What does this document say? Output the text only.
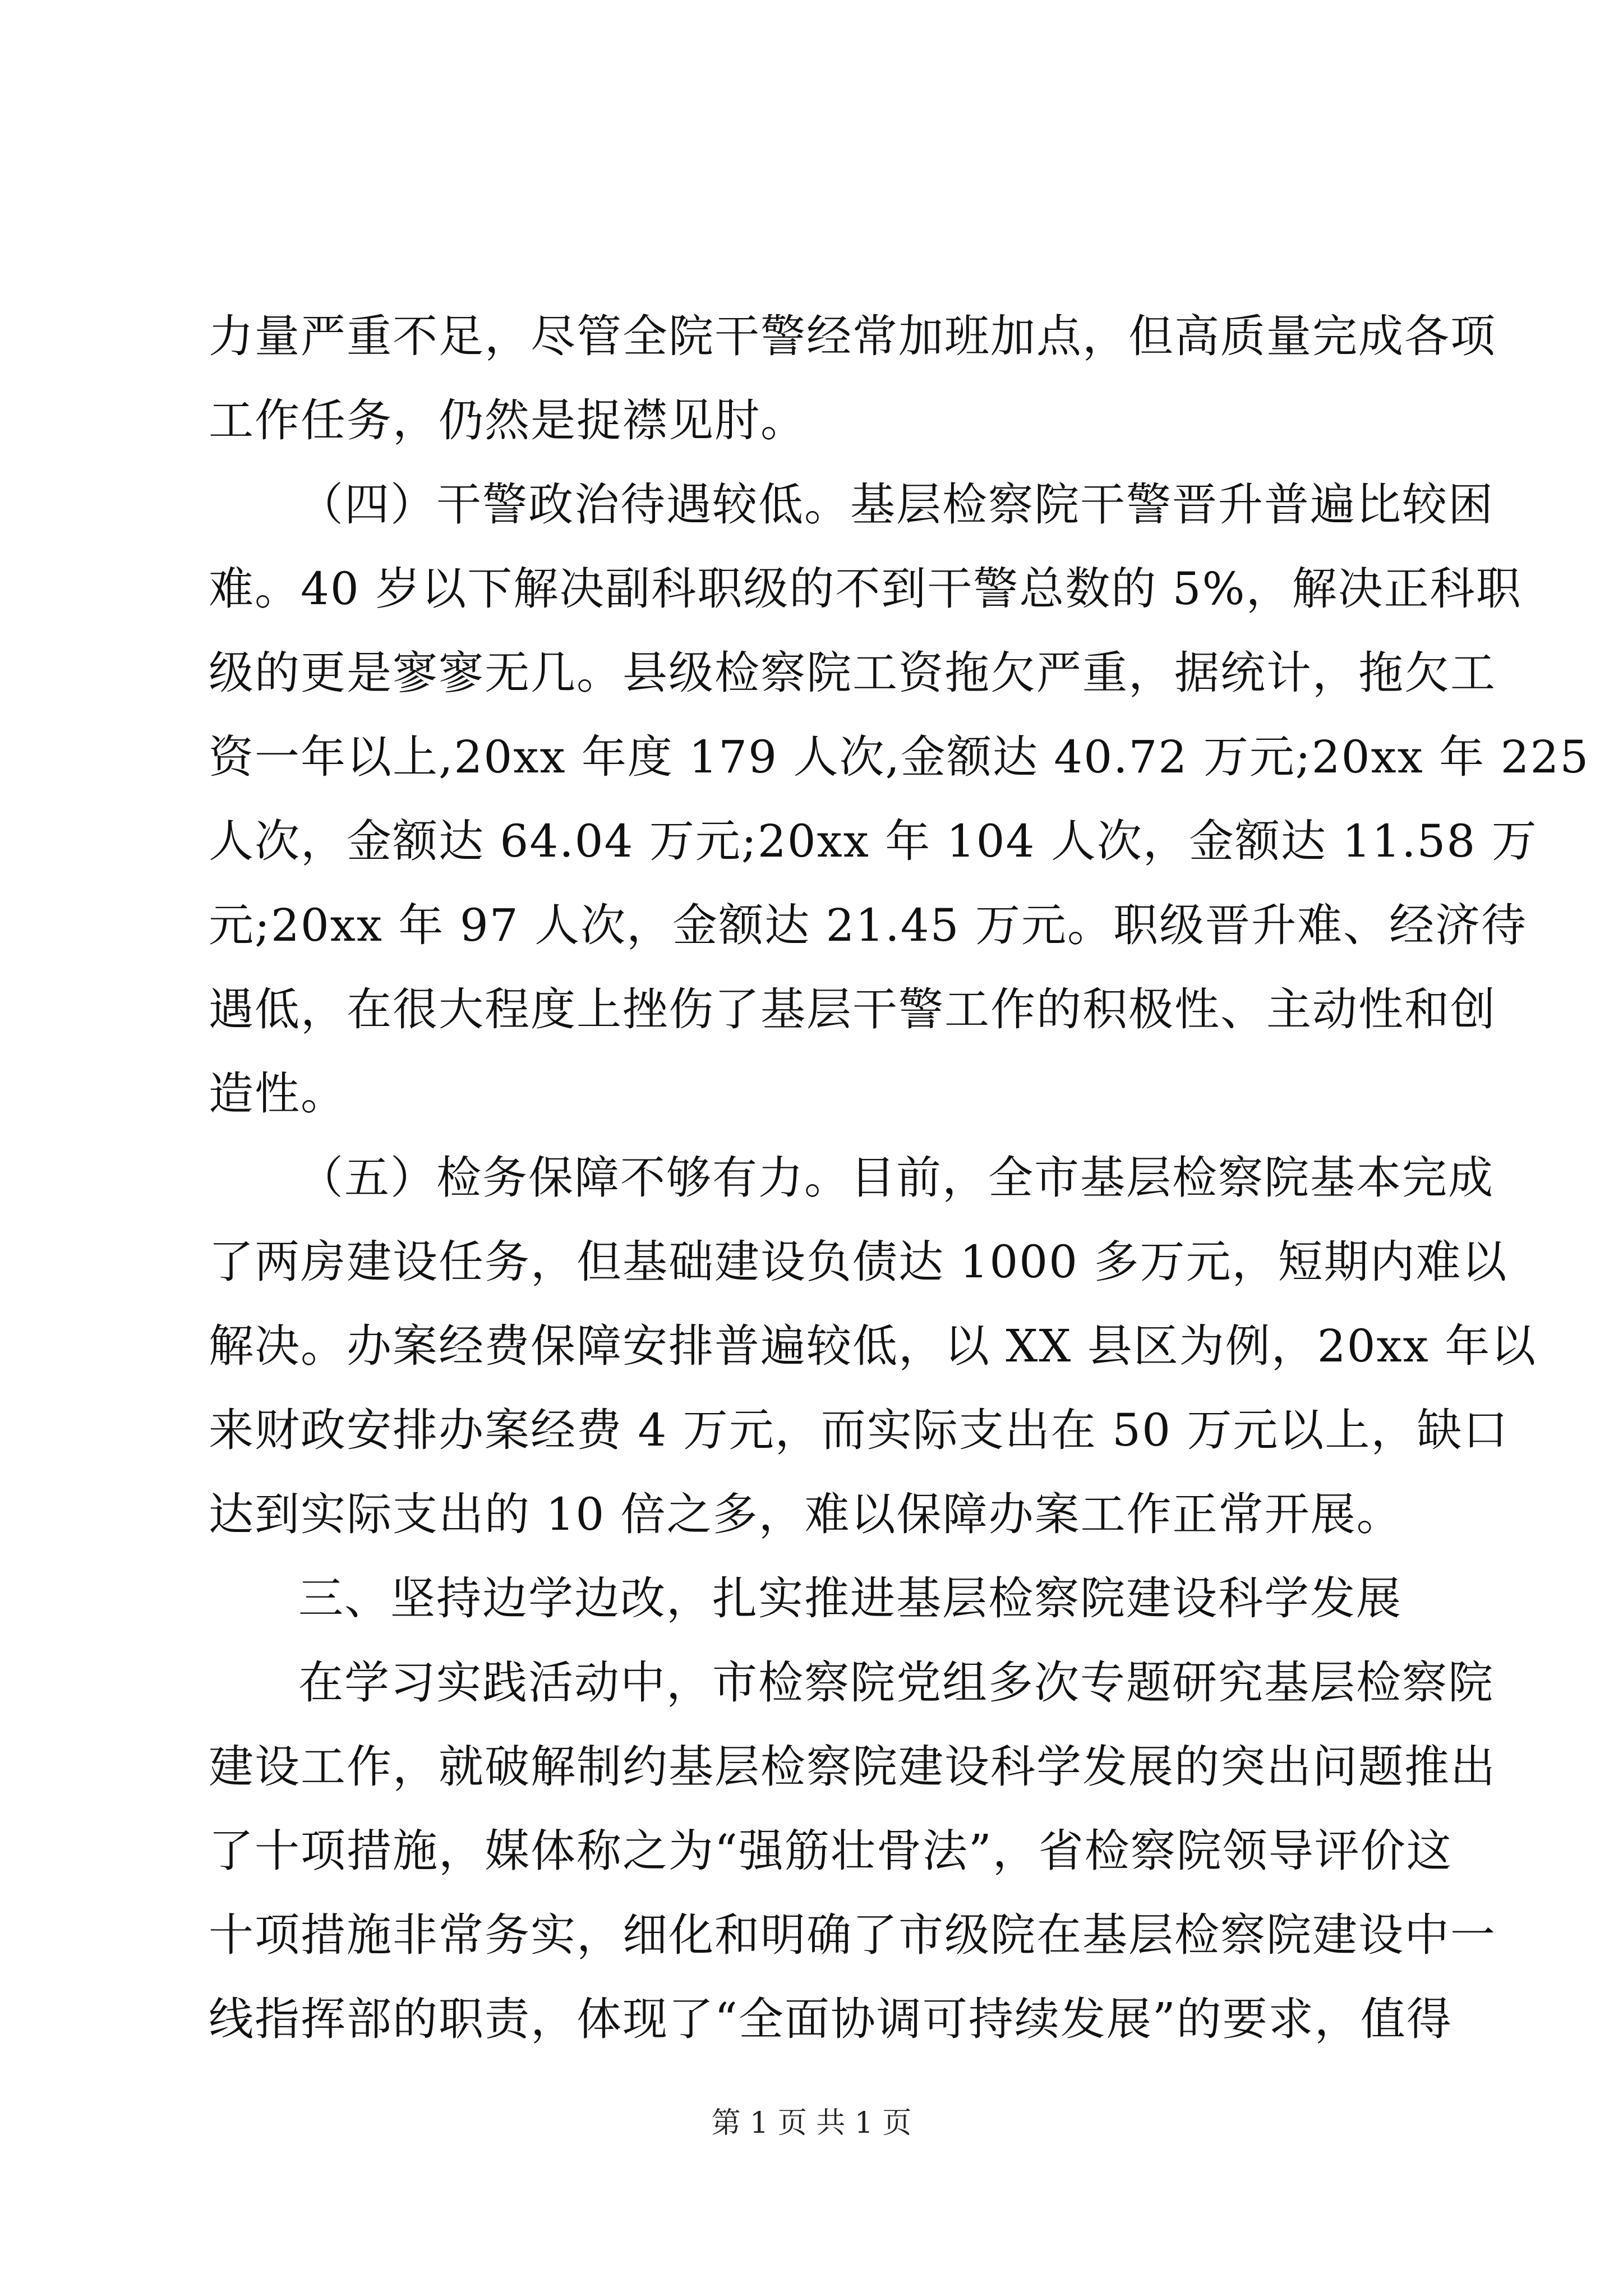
力量严重不足，尽管全院干警经常加班加点，但高质量完成各项
工作任务，仍然是捉襟见肘。
（四）干警政治待遇较低。基层检察院干警晋升普遍比较困
难。40 岁以下解决副科职级的不到干警总数的 5%，解决正科职
级的更是寥寥无几。县级检察院工资拖欠严重，据统计，拖欠工
资一年以上,20xx 年度 179 人次,金额达 40.72 万元;20xx 年 225
人次，金额达 64.04 万元;20xx 年 104 人次，金额达 11.58 万
元;20xx 年 97 人次，金额达 21.45 万元。职级晋升难、经济待
遇低，在很大程度上挫伤了基层干警工作的积极性、主动性和创
造性。
（五）检务保障不够有力。目前，全市基层检察院基本完成
了两房建设任务，但基础建设负债达 1000 多万元，短期内难以
解决。办案经费保障安排普遍较低，以 XX 县区为例，20xx 年以
来财政安排办案经费 4 万元，而实际支出在 50 万元以上，缺口
达到实际支出的 10 倍之多，难以保障办案工作正常开展。
三、坚持边学边改，扎实推进基层检察院建设科学发展
在学习实践活动中，市检察院党组多次专题研究基层检察院
建设工作，就破解制约基层检察院建设科学发展的突出问题推出
了十项措施，媒体称之为“强筋壮骨法”，省检察院领导评价这
十项措施非常务实，细化和明确了市级院在基层检察院建设中一
线指挥部的职责，体现了“全面协调可持续发展”的要求，值得
第 1 页 共 1 页
